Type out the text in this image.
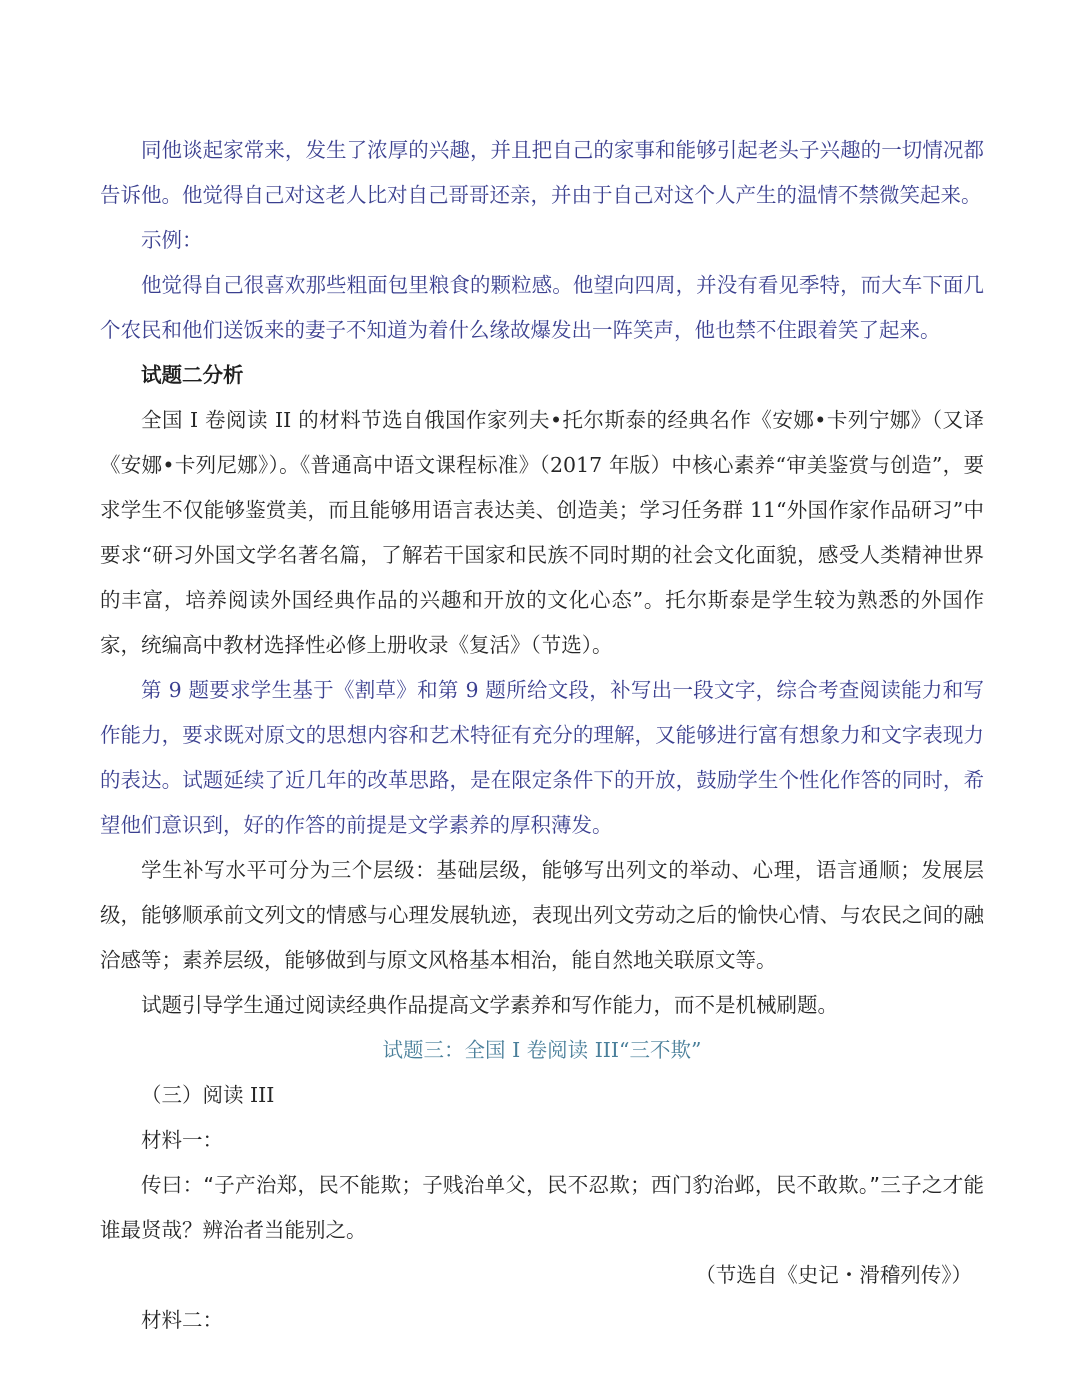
同他谈起家常来，发生了浓厚的兴趣，并且把自己的家事和能够引起老头子兴趣的一切情况都告诉他。他觉得自己对这老人比对自己哥哥还亲，并由于自己对这个人产生的温情不禁微笑起来。

示例：

他觉得自己很喜欢那些粗面包里粮食的颗粒感。他望向四周，并没有看见季特，而大车下面几个农民和他们送饭来的妻子不知道为着什么缘故爆发出一阵笑声，他也禁不住跟着笑了起来。

试题二分析

全国 I 卷阅读 II 的材料节选自俄国作家列夫•托尔斯泰的经典名作《安娜•卡列宁娜》（又译《安娜•卡列尼娜》）。《普通高中语文课程标准》（2017 年版）中核心素养“审美鉴赏与创造”，要求学生不仅能够鉴赏美，而且能够用语言表达美、创造美；学习任务群 11“外国作家作品研习”中要求“研习外国文学名著名篇，了解若干国家和民族不同时期的社会文化面貌，感受人类精神世界的丰富，培养阅读外国经典作品的兴趣和开放的文化心态”。托尔斯泰是学生较为熟悉的外国作家，统编高中教材选择性必修上册收录《复活》（节选）。

第 9 题要求学生基于《割草》和第 9 题所给文段，补写出一段文字，综合考查阅读能力和写作能力，要求既对原文的思想内容和艺术特征有充分的理解，又能够进行富有想象力和文字表现力的表达。试题延续了近几年的改革思路，是在限定条件下的开放，鼓励学生个性化作答的同时，希望他们意识到，好的作答的前提是文学素养的厚积薄发。

学生补写水平可分为三个层级：基础层级，能够写出列文的举动、心理，语言通顺；发展层级，能够顺承前文列文的情感与心理发展轨迹，表现出列文劳动之后的愉快心情、与农民之间的融洽感等；素养层级，能够做到与原文风格基本相治，能自然地关联原文等。

试题引导学生通过阅读经典作品提高文学素养和写作能力，而不是机械刷题。

试题三：全国 I 卷阅读 III“三不欺”

（三）阅读 III

材料一：

传曰：“子产治郑，民不能欺；子贱治单父，民不忍欺；西门豹治邺，民不敢欺。”三子之才能谁最贤哉？辨治者当能别之。

（节选自《史记・滑稽列传》）

材料二：
